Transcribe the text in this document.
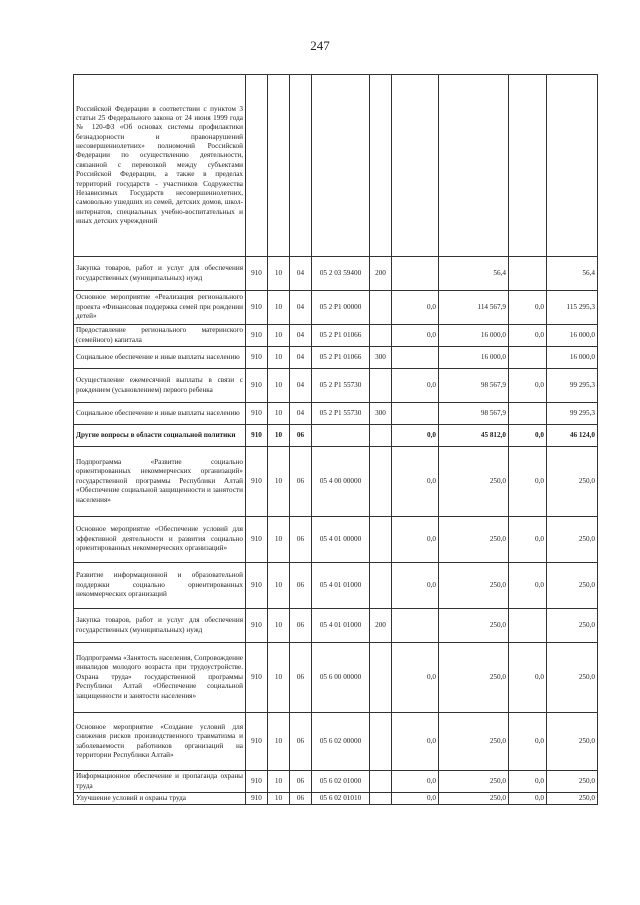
247
Российской Федерации в соответствии с пунктом 3 статьи 25 Федерального закона от 24 июня 1999 года № 120-ФЗ «Об основах системы профилактики безнадзорности и правонарушений несовершеннолетних» полномочий Российской Федерации по осуществлению деятельности, связанной с перевозкой между субъектами Российской Федерации, а также в пределах территорий государств - участников Содружества Независимых Государств несовершеннолетних, самовольно ушедших из семей, детских домов, школ-интернатов, специальных учебно-воспитательных и иных детских учреждений									
Закупка товаров, работ и услуг для обеспечения государственных (муниципальных) нужд	910	10	04	05 2 03 59400	200		56,4		56,4
Основное мероприятие «Реализация регионального проекта «Финансовая поддержка семей при рождении детей»	910	10	04	05 2 Р1 00000		0,0	114 567,9	0,0	115 295,3
Предоставление регионального материнского (семейного) капитала	910	10	04	05 2 Р1 01066		0,0	16 000,0	0,0	16 000,0
Социальное обеспечение и иные выплаты населению	910	10	04	05 2 Р1 01066	300		16 000,0		16 000,0
Осуществление ежемесячной выплаты в связи с рождением (усыновлением) первого ребенка	910	10	04	05 2 Р1 55730		0,0	98 567,9	0,0	99 295,3
Социальное обеспечение и иные выплаты населению	910	10	04	05 2 Р1 55730	300		98 567,9		99 295,3
Другие вопросы в области социальной политики	910	10	06			0,0	45 812,0	0,0	46 124,0
Подпрограмма «Развитие социально ориентированных некоммерческих организаций» государственной программы Республики Алтай «Обеспечение социальной защищенности и занятости населения»	910	10	06	05 4 00 00000		0,0	250,0	0,0	250,0
Основное мероприятие «Обеспечение условий для эффективной деятельности и развития социально ориентированных некоммерческих организаций»	910	10	06	05 4 01 00000		0,0	250,0	0,0	250,0
Развитие информационной и образовательной поддержки социально ориентированных некоммерческих организаций	910	10	06	05 4 01 01000		0,0	250,0	0,0	250,0
Закупка товаров, работ и услуг для обеспечения государственных (муниципальных) нужд	910	10	06	05 4 01 01000	200		250,0		250,0
Подпрограмма «Занятость населения, Сопровождение инвалидов молодого возраста при трудоустройстве. Охрана труда» государственной программы Республики Алтай «Обеспечение социальной защищенности и занятости населения»	910	10	06	05 6 00 00000		0,0	250,0	0,0	250,0
Основное мероприятие «Создание условий для снижения рисков производственного травматизма и заболеваемости работников организаций на территории Республики Алтай»	910	10	06	05 6 02 00000		0,0	250,0	0,0	250,0
Информационное обеспечение и пропаганда охраны труда	910	10	06	05 6 02 01000		0,0	250,0	0,0	250,0
Улучшение условий и охраны труда	910	10	06	05 6 02 01010		0,0	250,0	0,0	250,0
